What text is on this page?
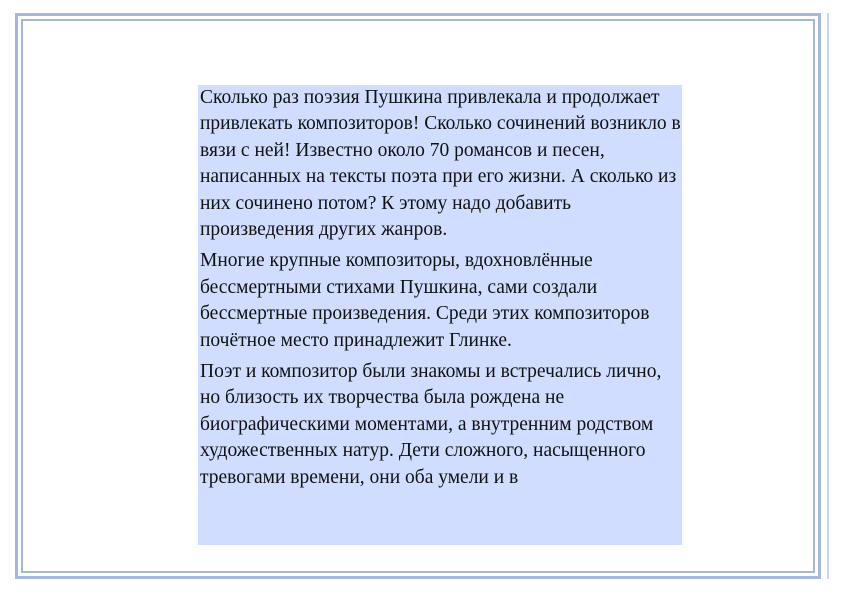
Сколько раз поэзия Пушкина привлекала и продолжает привлекать композиторов! Сколько сочинений возникло в вязи с ней! Известно около 70 романсов и песен, написанных на тексты поэта при его жизни. А сколько из них сочинено потом? К этому надо добавить произведения других жанров.

Многие крупные композиторы, вдохновлённые бессмертными стихами Пушкина, сами создали бессмертные произведения. Среди этих композиторов почётное место принадлежит Глинке.

Поэт и композитор были знакомы и встречались лично, но близость их творчества была рождена не биографическими моментами, а внутренним родством художественных натур. Дети сложного, насыщенного тревогами времени, они оба умели и в
